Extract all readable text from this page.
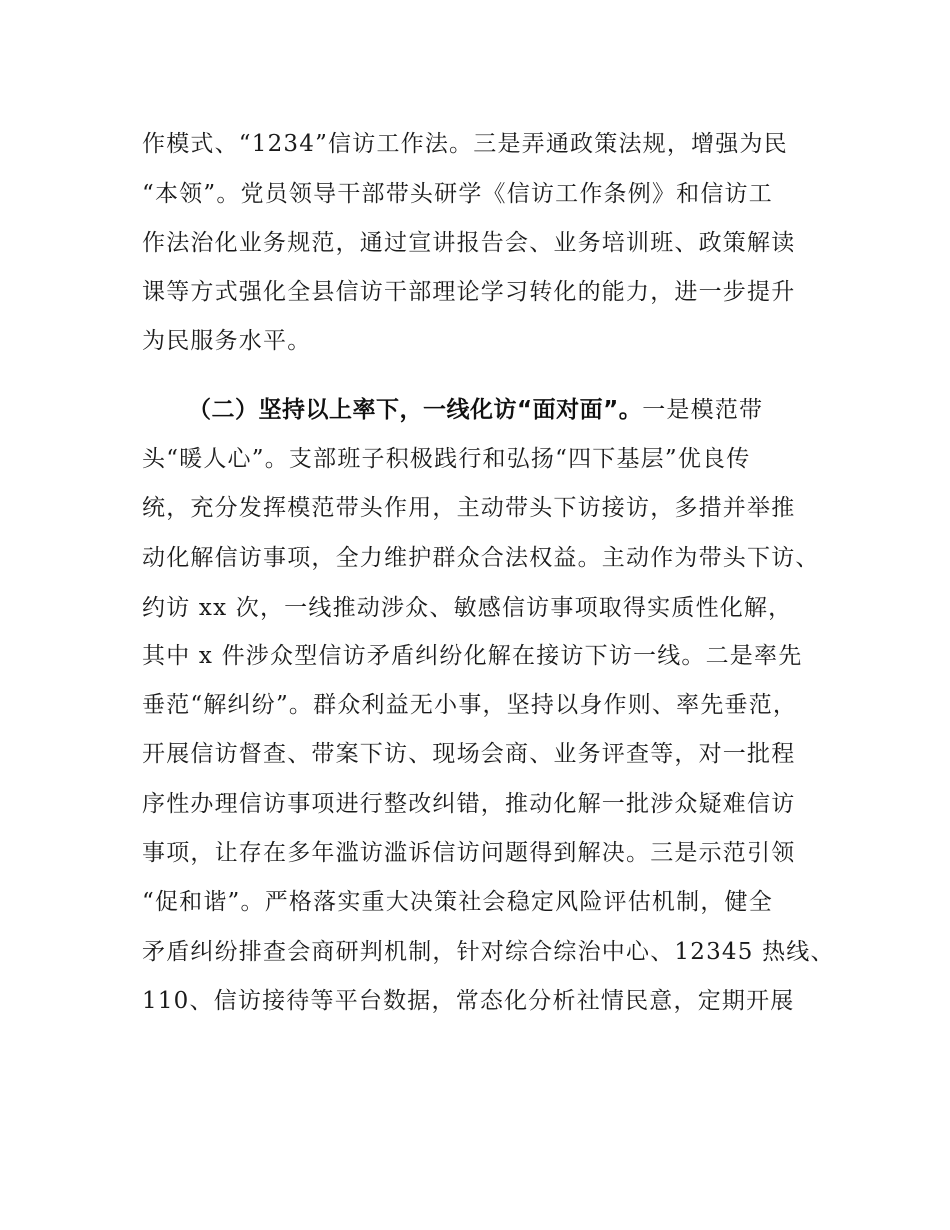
作模式、“1234”信访工作法。三是弄通政策法规，增强为民
“本领”。党员领导干部带头研学《信访工作条例》和信访工
作法治化业务规范，通过宣讲报告会、业务培训班、政策解读
课等方式强化全县信访干部理论学习转化的能力，进一步提升
为民服务水平。
（二）坚持以上率下，一线化访“面对面”。一是模范带
头“暖人心”。支部班子积极践行和弘扬“四下基层”优良传
统，充分发挥模范带头作用，主动带头下访接访，多措并举推
动化解信访事项，全力维护群众合法权益。主动作为带头下访、
约访 xx 次，一线推动涉众、敏感信访事项取得实质性化解，
其中 x 件涉众型信访矛盾纠纷化解在接访下访一线。二是率先
垂范“解纠纷”。群众利益无小事，坚持以身作则、率先垂范，
开展信访督查、带案下访、现场会商、业务评查等，对一批程
序性办理信访事项进行整改纠错，推动化解一批涉众疑难信访
事项，让存在多年滥访滥诉信访问题得到解决。三是示范引领
“促和谐”。严格落实重大决策社会稳定风险评估机制，健全
矛盾纠纷排查会商研判机制，针对综合综治中心、12345 热线、
110、信访接待等平台数据，常态化分析社情民意，定期开展
